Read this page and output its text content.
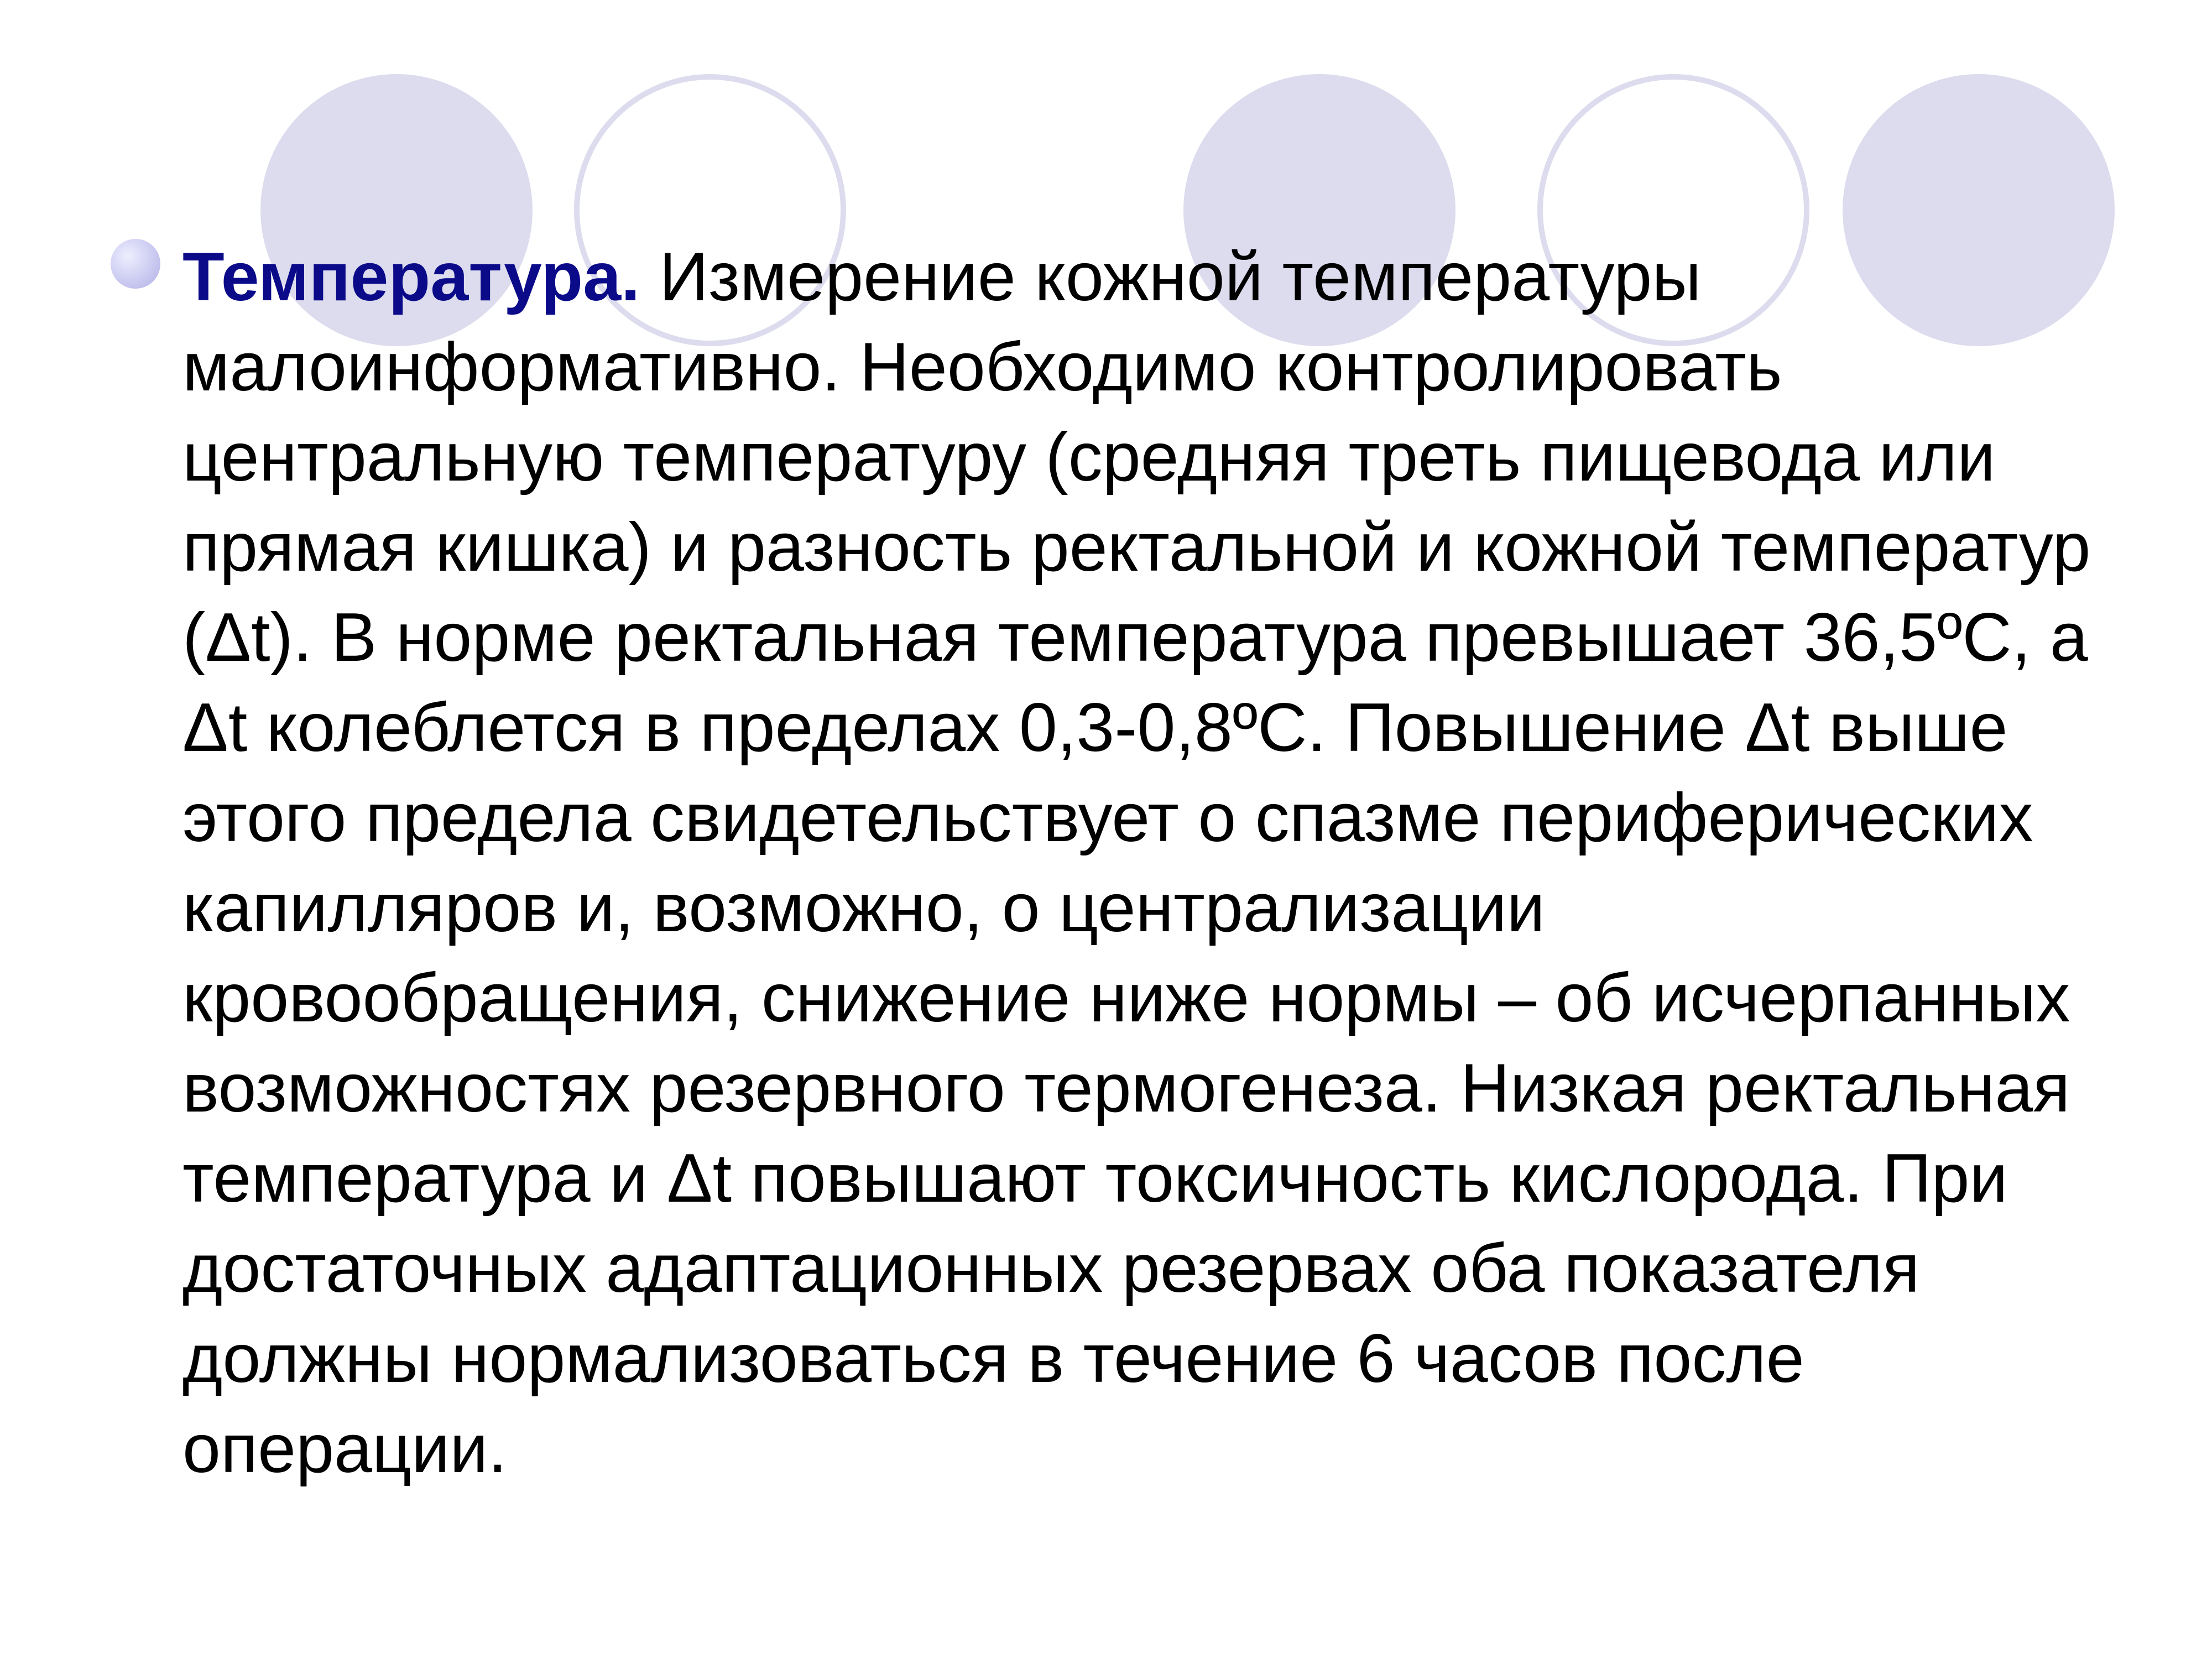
Температура. Измерение кожной температуры малоинформативно. Необходимо контролировать центральную температуру (средняя треть пищевода или прямая кишка) и разность ректальной и кожной температур (Δt). В норме ректальная температура превышает 36,5ºС, а Δt колеблется в пределах 0,3-0,8ºС. Повышение Δt выше этого предела свидетельствует о спазме периферических капилляров и, возможно, о централизации кровообращения, снижение ниже нормы – об исчерпанных возможностях резервного термогенеза. Низкая ректальная температура и Δt повышают токсичность кислорода. При достаточных адаптационных резервах оба показателя должны нормализоваться в течение 6 часов после операции.
